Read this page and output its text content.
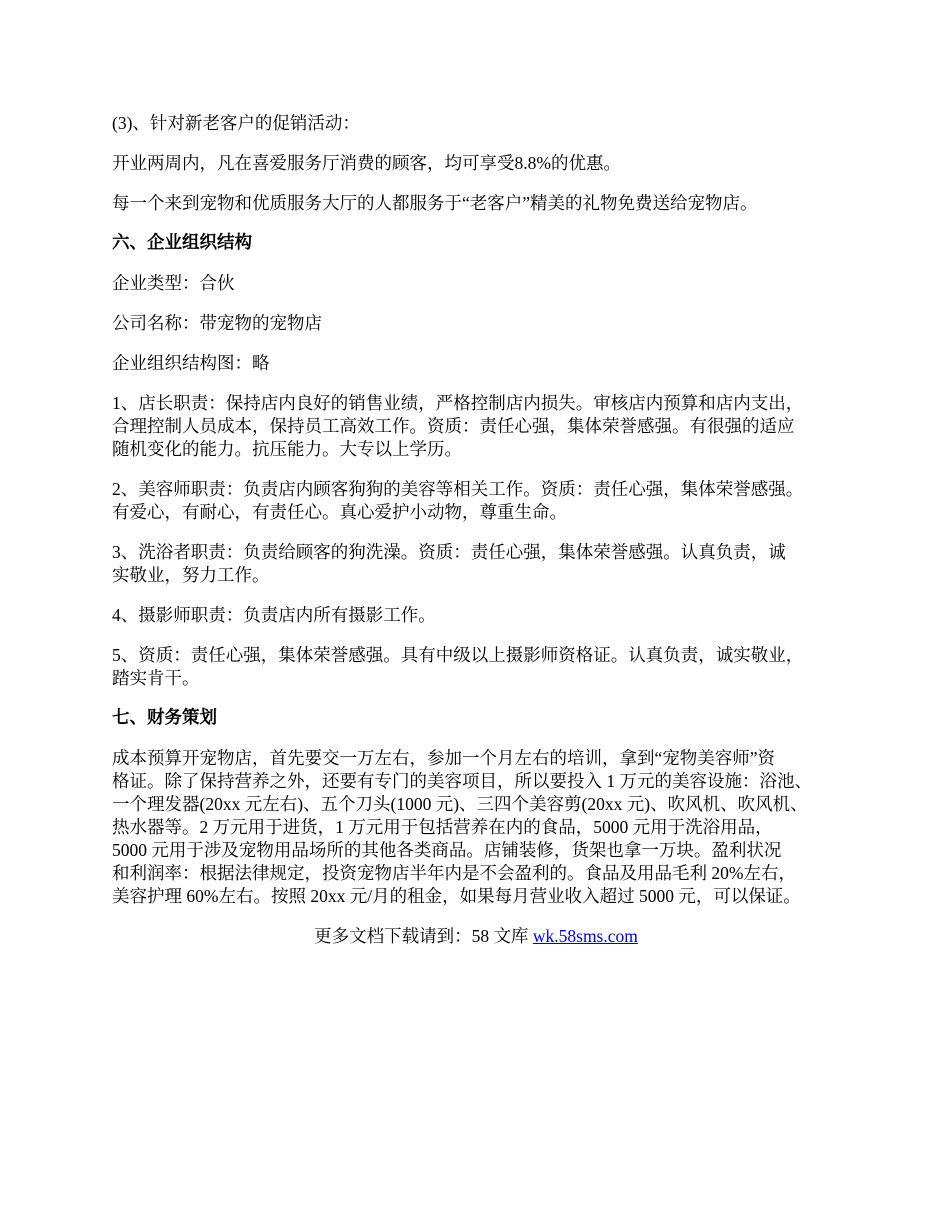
(3)、针对新老客户的促销活动：

开业两周内，凡在喜爱服务厅消费的顾客，均可享受8.8%的优惠。

每一个来到宠物和优质服务大厅的人都服务于“老客户”精美的礼物免费送给宠物店。

六、企业组织结构

企业类型：合伙

公司名称：带宠物的宠物店

企业组织结构图：略

1、店长职责：保持店内良好的销售业绩，严格控制店内损失。审核店内预算和店内支出，
合理控制人员成本，保持员工高效工作。资质：责任心强，集体荣誉感强。有很强的适应
随机变化的能力。抗压能力。大专以上学历。

2、美容师职责：负责店内顾客狗狗的美容等相关工作。资质：责任心强，集体荣誉感强。
有爱心，有耐心，有责任心。真心爱护小动物，尊重生命。

3、洗浴者职责：负责给顾客的狗洗澡。资质：责任心强，集体荣誉感强。认真负责，诚
实敬业，努力工作。

4、摄影师职责：负责店内所有摄影工作。

5、资质：责任心强，集体荣誉感强。具有中级以上摄影师资格证。认真负责，诚实敬业，
踏实肯干。

七、财务策划

成本预算开宠物店，首先要交一万左右，参加一个月左右的培训，拿到“宠物美容师”资
格证。除了保持营养之外，还要有专门的美容项目，所以要投入 1 万元的美容设施：浴池、
一个理发器(20xx 元左右)、五个刀头(1000 元)、三四个美容剪(20xx 元)、吹风机、吹风机、
热水器等。2 万元用于进货，1 万元用于包括营养在内的食品，5000 元用于洗浴用品，
5000 元用于涉及宠物用品场所的其他各类商品。店铺装修，货架也拿一万块。盈利状况
和利润率：根据法律规定，投资宠物店半年内是不会盈利的。食品及用品毛利 20%左右，
美容护理 60%左右。按照 20xx 元/月的租金，如果每月营业收入超过 5000 元，可以保证。

更多文档下载请到：58 文库 wk.58sms.com
